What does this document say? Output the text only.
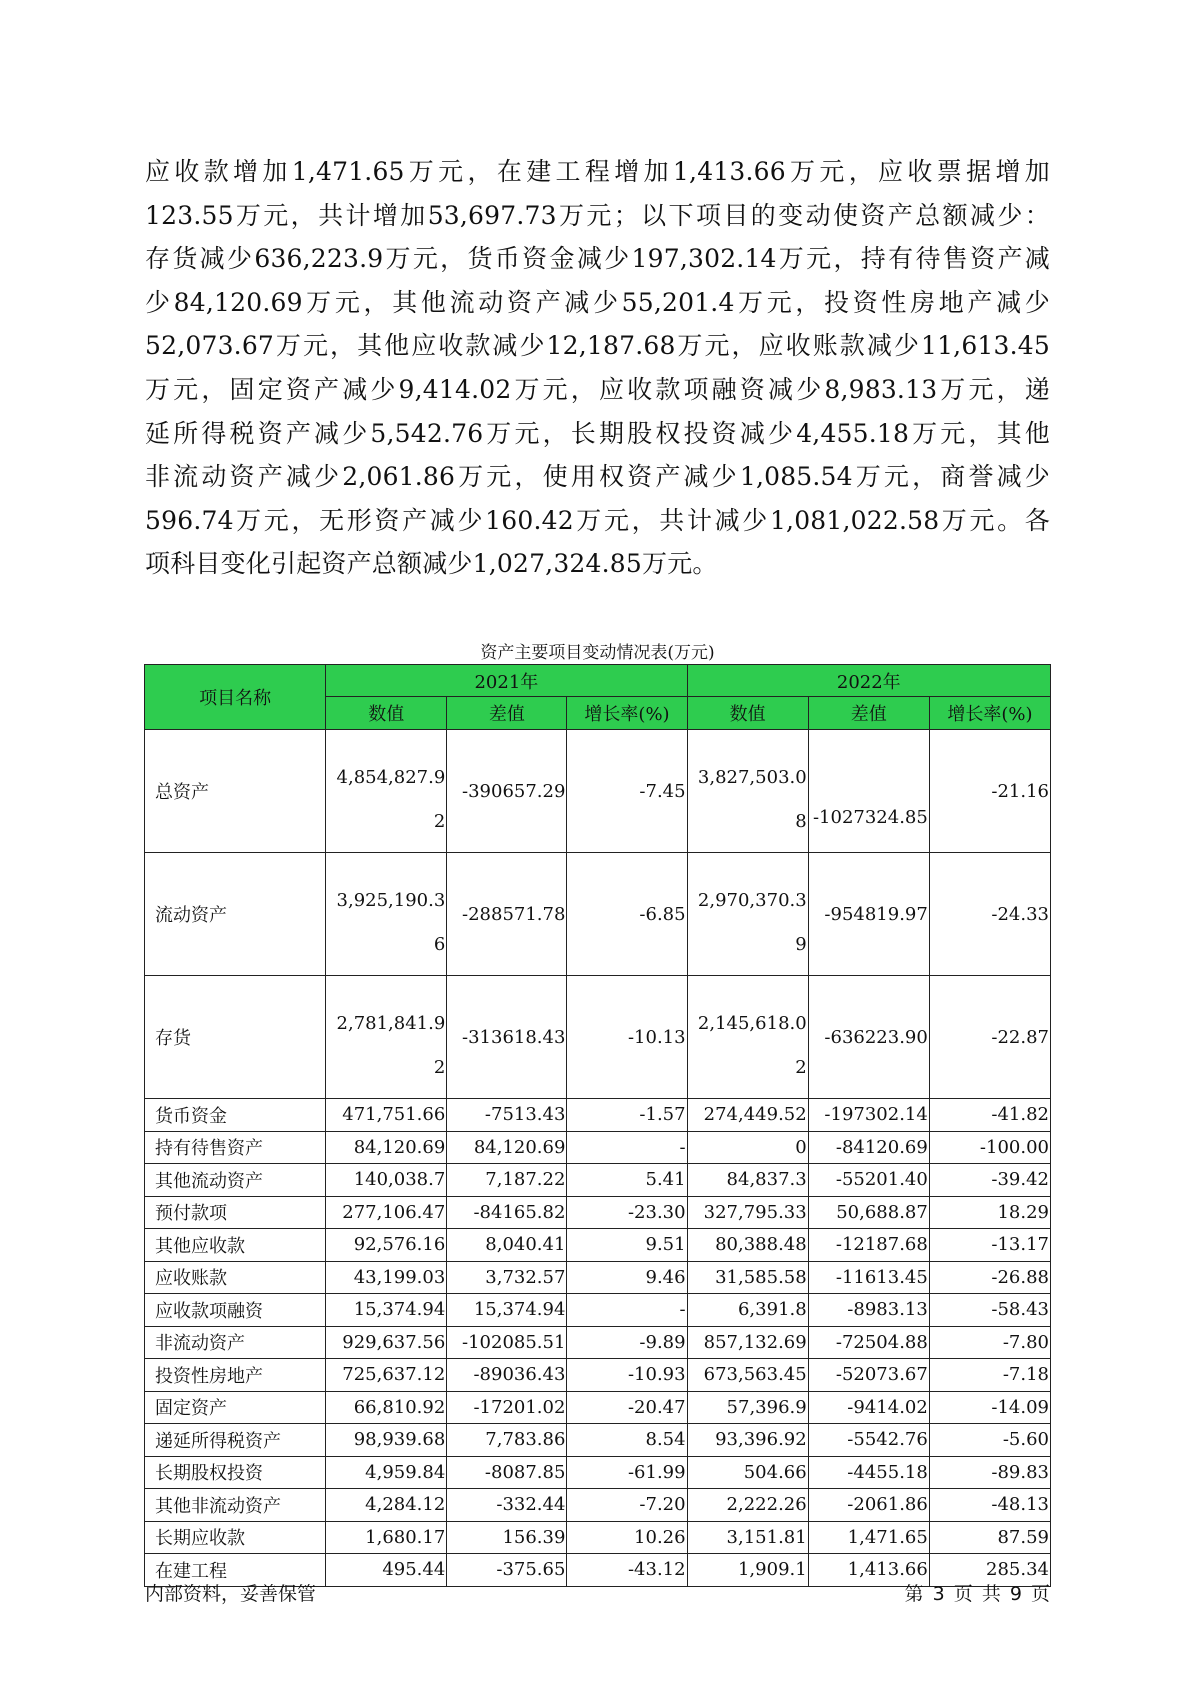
应收款增加1,471.65万元，在建工程增加1,413.66万元，应收票据增加
123.55万元，共计增加53,697.73万元；以下项目的变动使资产总额减少：
存货减少636,223.9万元，货币资金减少197,302.14万元，持有待售资产减
少84,120.69万元，其他流动资产减少55,201.4万元，投资性房地产减少
52,073.67万元，其他应收款减少12,187.68万元，应收账款减少11,613.45
万元，固定资产减少9,414.02万元，应收款项融资减少8,983.13万元，递
延所得税资产减少5,542.76万元，长期股权投资减少4,455.18万元，其他
非流动资产减少2,061.86万元，使用权资产减少1,085.54万元，商誉减少
596.74万元，无形资产减少160.42万元，共计减少1,081,022.58万元。各
项科目变化引起资产总额减少1,027,324.85万元。
资产主要项目变动情况表(万元)
项目名称	2021年			2022年		
	数值	差值	增长率(%)	数值	差值	增长率(%)
总资产	4,854,827.92	-390657.29	-7.45	3,827,503.08	-1027324.85	-21.16
流动资产	3,925,190.36	-288571.78	-6.85	2,970,370.39	-954819.97	-24.33
存货	2,781,841.92	-313618.43	-10.13	2,145,618.02	-636223.90	-22.87
货币资金	471,751.66	-7513.43	-1.57	274,449.52	-197302.14	-41.82
持有待售资产	84,120.69	84,120.69	-	0	-84120.69	-100.00
其他流动资产	140,038.7	7,187.22	5.41	84,837.3	-55201.40	-39.42
预付款项	277,106.47	-84165.82	-23.30	327,795.33	50,688.87	18.29
其他应收款	92,576.16	8,040.41	9.51	80,388.48	-12187.68	-13.17
应收账款	43,199.03	3,732.57	9.46	31,585.58	-11613.45	-26.88
应收款项融资	15,374.94	15,374.94	-	6,391.8	-8983.13	-58.43
非流动资产	929,637.56	-102085.51	-9.89	857,132.69	-72504.88	-7.80
投资性房地产	725,637.12	-89036.43	-10.93	673,563.45	-52073.67	-7.18
固定资产	66,810.92	-17201.02	-20.47	57,396.9	-9414.02	-14.09
递延所得税资产	98,939.68	7,783.86	8.54	93,396.92	-5542.76	-5.60
长期股权投资	4,959.84	-8087.85	-61.99	504.66	-4455.18	-89.83
其他非流动资产	4,284.12	-332.44	-7.20	2,222.26	-2061.86	-48.13
长期应收款	1,680.17	156.39	10.26	3,151.81	1,471.65	87.59
在建工程	495.44	-375.65	-43.12	1,909.1	1,413.66	285.34
内部资料，妥善保管	第 3 页 共 9 页
